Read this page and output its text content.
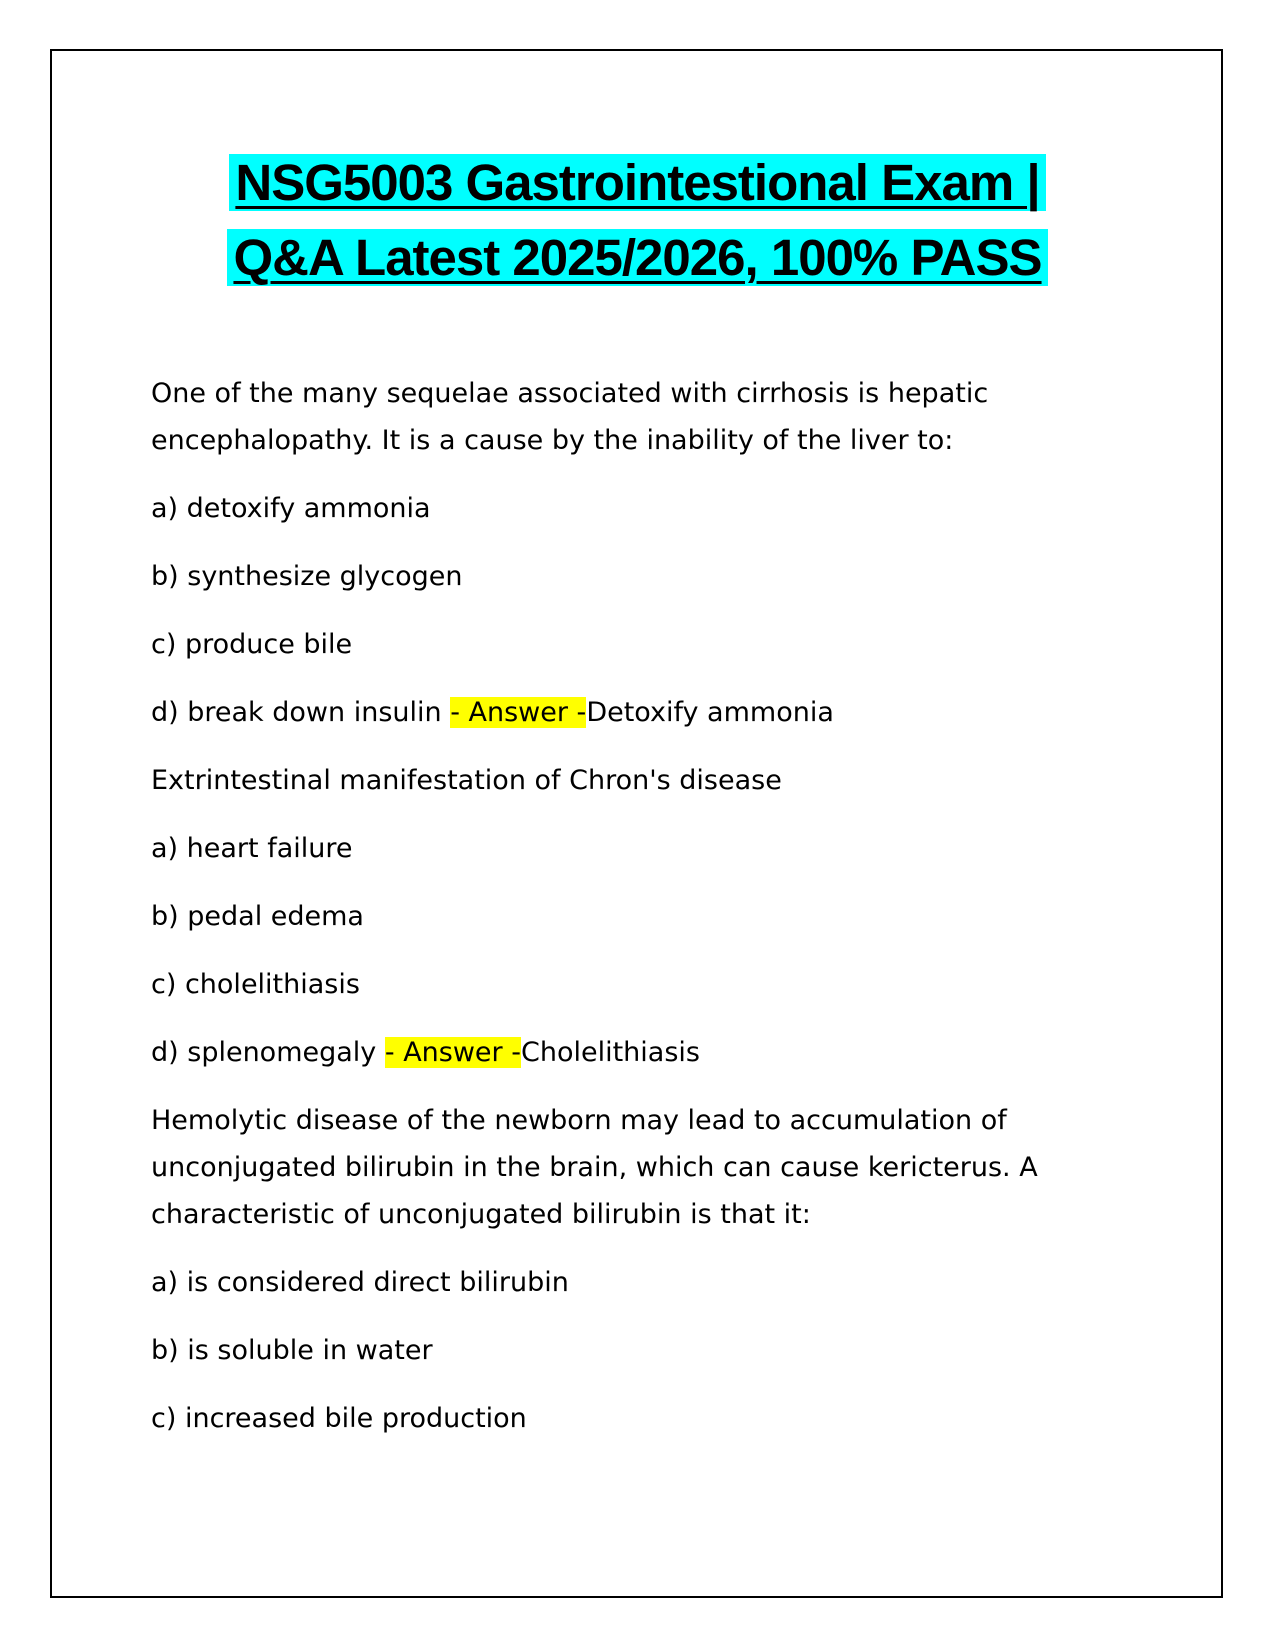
NSG5003 Gastrointestional Exam |
Q&A Latest 2025/2026, 100% PASS

One of the many sequelae associated with cirrhosis is hepatic encephalopathy. It is a cause by the inability of the liver to:

a) detoxify ammonia

b) synthesize glycogen

c) produce bile

d) break down insulin - Answer -Detoxify ammonia

Extrintestinal manifestation of Chron's disease

a) heart failure

b) pedal edema

c) cholelithiasis

d) splenomegaly - Answer -Cholelithiasis

Hemolytic disease of the newborn may lead to accumulation of unconjugated bilirubin in the brain, which can cause kericterus. A characteristic of unconjugated bilirubin is that it:

a) is considered direct bilirubin

b) is soluble in water

c) increased bile production
